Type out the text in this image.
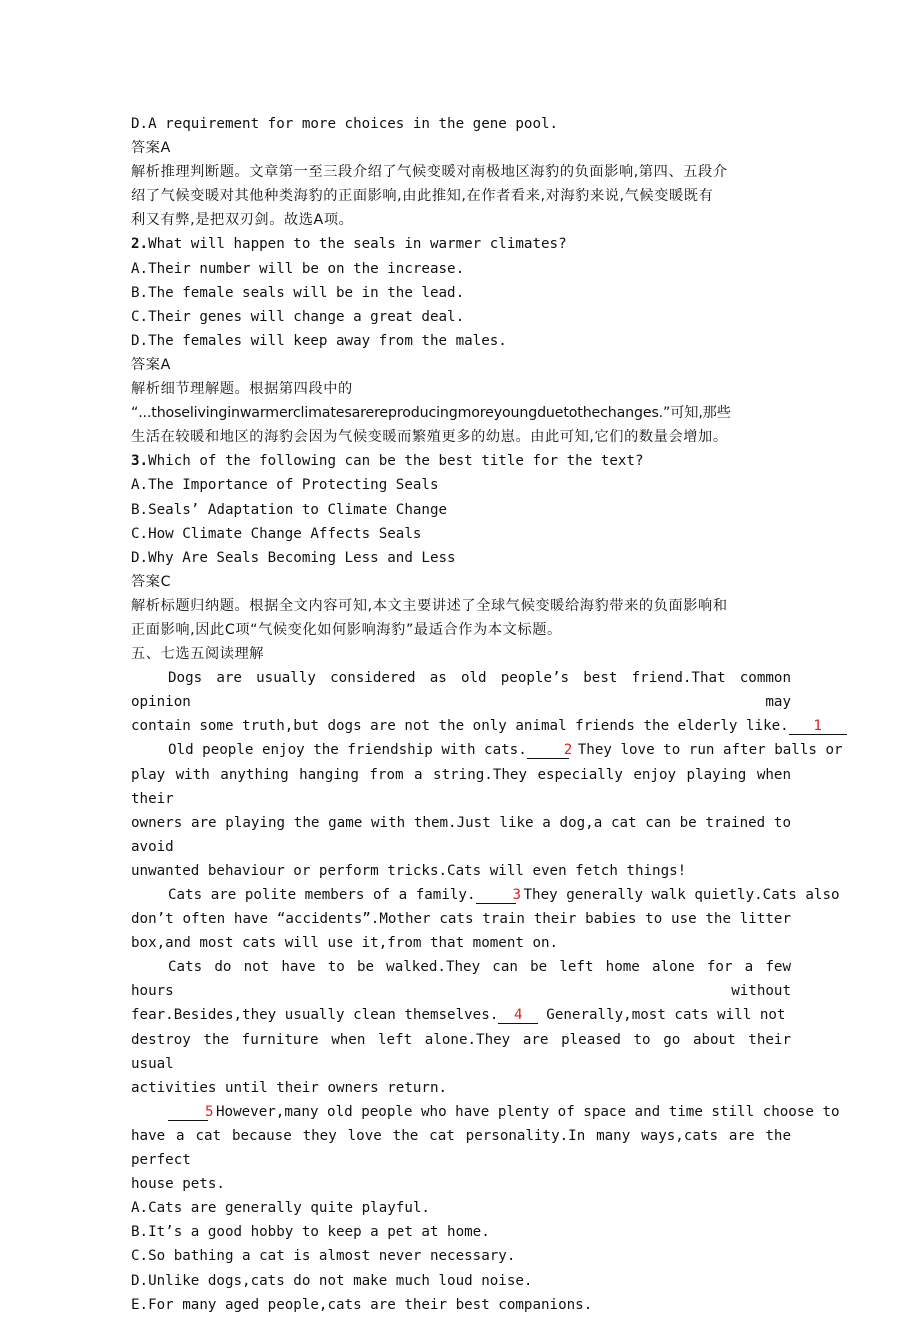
D.A requirement for more choices in the gene pool.
答案A
解析推理判断题。文章第一至三段介绍了气候变暖对南极地区海豹的负面影响,第四、五段介
绍了气候变暖对其他种类海豹的正面影响,由此推知,在作者看来,对海豹来说,气候变暖既有
利又有弊,是把双刃剑。故选A项。
2.What will happen to the seals in warmer climates?
A.Their number will be on the increase.
B.The female seals will be in the lead.
C.Their genes will change a great deal.
D.The females will keep away from the males.
答案A
解析细节理解题。根据第四段中的
“...thoselivinginwarmerclimatesarereproducingmoreyoungduetothechanges.”可知,那些
生活在较暖和地区的海豹会因为气候变暖而繁殖更多的幼崽。由此可知,它们的数量会增加。
3.Which of the following can be the best title for the text?
A.The Importance of Protecting Seals
B.Seals’ Adaptation to Climate Change
C.How Climate Change Affects Seals
D.Why Are Seals Becoming Less and Less
答案C
解析标题归纳题。根据全文内容可知,本文主要讲述了全球气候变暖给海豹带来的负面影响和
正面影响,因此C项“气候变化如何影响海豹”最适合作为本文标题。
五、七选五阅读理解
Dogs are usually considered as old people’s best friend.That common opinion may
contain some truth,but dogs are not the only animal friends the elderly like. 1
Old people enjoy the friendship with cats.	2 They love to run after balls or
play with anything hanging from a string.They especially enjoy playing when their
owners are playing the game with them.Just like a dog,a cat can be trained to avoid
unwanted behaviour or perform tricks.Cats will even fetch things!
Cats are polite members of a family.	3 They generally walk quietly.Cats also
don’t often have “accidents”.Mother cats train their babies to use the litter
box,and most cats will use it,from that moment on.
Cats do not have to be walked.They can be left home alone for a few hours without
fear.Besides,they usually clean themselves. 4 Generally,most cats will not
destroy the furniture when left alone.They are pleased to go about their usual
activities until their owners return.
5 However,many old people who have plenty of space and time still choose to
have a cat because they love the cat personality.In many ways,cats are the perfect
house pets.
A.Cats are generally quite playful.
B.It’s a good hobby to keep a pet at home.
C.So bathing a cat is almost never necessary.
D.Unlike dogs,cats do not make much loud noise.
E.For many aged people,cats are their best companions.
